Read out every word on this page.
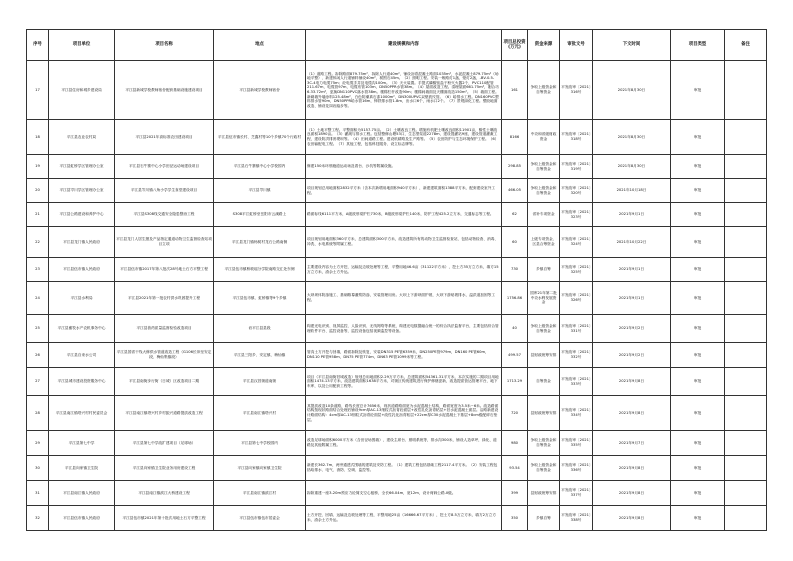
序号	项目单位	项目名称	地点	建设规模和内容	项目总投资(万元)	资金来源	审批文号	下文时间	项目类型	备注
17	平江县住房和城乡建设局	平江县新城学校教师宿舍配套基础设施建设项目	平江县新城学校教师宿舍	（1）道路工程。拆除路面879.75m²，拆除人行道40m²，铺设沥青混凝土路面1035m²，水泥混凝土879.75m²（场地平整）、新建休闲人行道铺料铺设40m²，树围石45m。（2）照明工程。安装一般路灯1盏，壁灯2盏，-BV-0.5-3C-4电力电缆75m；砼电缆手井及电缆沟100m。（3）天火装置。手提式磷酸铵盐干粉灭火器2个，PVC110配管211.67m，电缆管97m，电缆布管103m，DN50PPR水管38m。（4）屋面改造工程。清理屋面661.75m²，刚合坊6.33.72m²，更换DN110PVC落水管38m。楼梯栏杆改造90m；楼梯间墙面及天棚面改造150m²。（5）墙面工程。新砌墙外墙涂料125.48m²，白色防潮真石漆1000m²，DN300UPVC双壁波纹管。（6）给排水工程。DN160PVC塑料排水管90m，DN50PPR给水管16m，铸铁排水管1.8m，出水口6个，雨水口2个。（7）景观绿化工程。塑胶地面改造、铺设花岗岩踏步等。	161	争取上级资金和自筹资金	平发改审〔2021〕316号	2021年8月30日	审批	
18	平江县农业农村局	平江县2021年高标准农田建设项目	平江县伍市镇长村、芝鑫村等10个乡镇70个行政村	（1）土地平整工程。平整面积为5157.75亩。（2）土壤改良工程。增施有机肥土壤改良面积11901亩，酸性土壤改良面积1890亩。（3）灌溉与排水工程。包括整修山塘53口，生态型渠道2278m，建设提灌站9座，建设管道灌溉工程，建设防洪排涝堤坝等。（4）田间道路工程。建设机耕路及生产路等。（5）农田防护与生态环境保护工程。（6）农田输配电工程。（7）其他工程，包括科技服务、设立标志牌等。	8166	中央和省级财政资金	平发改审〔2021〕318号	2021年8月30日	审批	
19	平江县虹桥学区管理办公室	平江县石牛寨中心小学田径运动场建设项目	平江县石牛寨镇中心小学校园内	修建150米环形跑道运动场及看台、沙坑等附属设施。	298.85	争取上级资金和自筹资金	平发改审〔2021〕319号	2021年8月30日	审批	
20	平江县岑川学区管理办公室	平江县岑川镇八角小学学生食堂建设项目	平江县岑川镇	项目规划总用地面积2832平方米（含本次新增用地面积940平方米），新建建筑面积1388平方米，配套建设室外工程。	466.05	争取上级资金和自筹资金	平发改审〔2021〕320号	2021年10月18日	审批	
21	平江县公路建设和养护中心	平江县S308线交通安全隐患整治工程	S308平江虹桥至岳阳市云溪路上	路面标线6111平方米，A级波形梁护栏730米，B级波形梁护栏140米，防护工程425.2立方米，交通标志等工程。	62	省补专项资金	平发改审〔2021〕323号	2021年9月1日	审批	
22	平江县龙门镇人民政府	平江县龙门人居生猪及产品指定通道动物卫生监督检查站项目立项	平江县龙门镇杨树村龙石公路南侧	项目规划用地面积360平方米，总建筑面积300平方米，改造建筑所有的动物卫生监督检查站，包括动物检查、消毒、冲洗、水电系统等附属工程。	60	上级专项资金、区县合筹资金	平发改审〔2021〕324号	2021年10月22日	审批	
23	平江县伍市镇人民政府	平江县伍市镇2017年第八批次28号地土石方平整工程	平江县伍市镇桥坡瑶分学院南路交汇处东侧	主要建设内容为土方开挖、运输及边坡处理等工程，平整用地46.6亩（31122平方米），挖土方35万立方米，填方15万立方米，渣余土方外运。	730	乡镇自筹	平发改审〔2021〕325号	2021年9月1日	审批	
24	平江县水利局	平江县2021年第一批农村供水巩固提升工程	平江县伍市镇、虹桥镇等9个乡镇	大坝坝体防渗施工、基础帷幕灌浆防渗，安装管理用房。大坝上下游坝面护坡，大坝下游贴坡排水，溢洪道加固等工程。	1756.86	国库21年第二批中央水利发展资金	平发改审〔2021〕326号	2021年9月1日	审批	
25	平江县畜牧水产农机事务中心	平江县兽药质量监督检验改造项目	岩平江县县段	构建光电识别、视屏监控、人脸识别、无线网络等系统，构建光电数据融合统一的综合执法监督平台，主要包括综合管理软件平台、监控设备等，监控设备包括视频监控等设备。	40	争取上级资金和自筹资金	平发改审〔2021〕331号	2021年9月2日	审批	
26	平江县自来水公司	平江县国省干线大修供水管道改造工程（G106长冲至安定段、梅仙集镇段）	平江县三阳乡、安定镇、梅仙镇	管沟土方开挖与回填，路面拆除及恢复，安装DN315 PE管6359米，DN250PE管979m，DN160 PE管60m，DN110 PE管958m，DN75 PE管774m，DN63 PE管1099米等工程。	499.57	县财政统筹安排	平发改审〔2021〕332号	2021年9月2日	审批	
27	平江县城市建设投资服务中心	平江县南街步行街（日城）区改造项目二期	平江县汉昌街道南街	项目（平江县南街旧城改造）规划总用地面积2.29万平方米，总建筑面积54361.31平方米，本次实施的二期项目用地面积1474.13平方米，改造建筑面积1638平方米，对街区传统建筑进行保护修缮更新，改造提质营运管理平台，地下车库，以及公用配套工程等。	1713.29	自筹资金	平发改审〔2021〕333号	2021年9月8日	审批	
28	平江县南江镇塔兴村村民委员会	平江县南江镇塔兴村乡村振兴道路提质改造工程	平江县南江镇塔兴村	其提质改造10条道路，路线长度总计7656米，现状道路路面宽为水泥混凝土结构，路面宽度为3.5米~6米。改造路面结构按现状路面结合处理后铺设9cm厚AC-13细粒式沥青砼面层+改性乳化沥青粘层+旧水泥混凝土面层。沿路新建设计路面结构：4cm厚AC-13细粒式沥青砼面层+改性乳化沥青粘层+22cm厚C30水泥混凝土下基层+8cm级配碎石垫层。	720	县财政统筹安排	平发改审〔2021〕334号	2021年9月8日	审批	
29	平江县第七中学	平江县第七中学改扩建项目（足球场）	平江县第七中学校园内	改造足球场面积6000平方米（含田径场围墙），建设主席台、照明系统等，排水沟300米，铺设人造草坪，绿化、道路及其他附属工程。	980	争取上级资金和自筹资金	平发改审〔2021〕335号	2021年9月7日	审批	
30	平江县向家镇卫生院	平江县向家镇卫生院业务用房建设工程	平江县向家镇向家镇卫生院	新建长362.7m，两旁通透式围墙的建筑及安防工程。（1）建筑工程包括基础工程2117.4平方米。（2）安装工程包括给排水、电气、消防、空调、监控等。	93.54	争取上级资金和自筹资金	平发改审〔2021〕336号	2021年9月8日	审批	
31	平江县南江镇人民政府	平江县南江镇滨江大桥建设工程	平江县南江镇滨江村	拆除重建一座3-20m预应力砼简支空心板桥，全长66.04m，宽12m，设计荷载公路-II级。	399	县财政统筹安排	平发改审〔2021〕337号	2021年9月8日	审批	
32	平江县伍市镇人民政府	平江县伍市镇2021年第十批次用地土石方平整工程	平江县伍市镇伍市居委会	土方开挖、回填、运输及边坡处理等工程，平整用地25亩（16666.67平方米），挖土方8.5万立方米，填方2万立方米，渣余土方外运。	350	乡镇自筹	平发改审〔2021〕338号	2021年9月8日	审批	
